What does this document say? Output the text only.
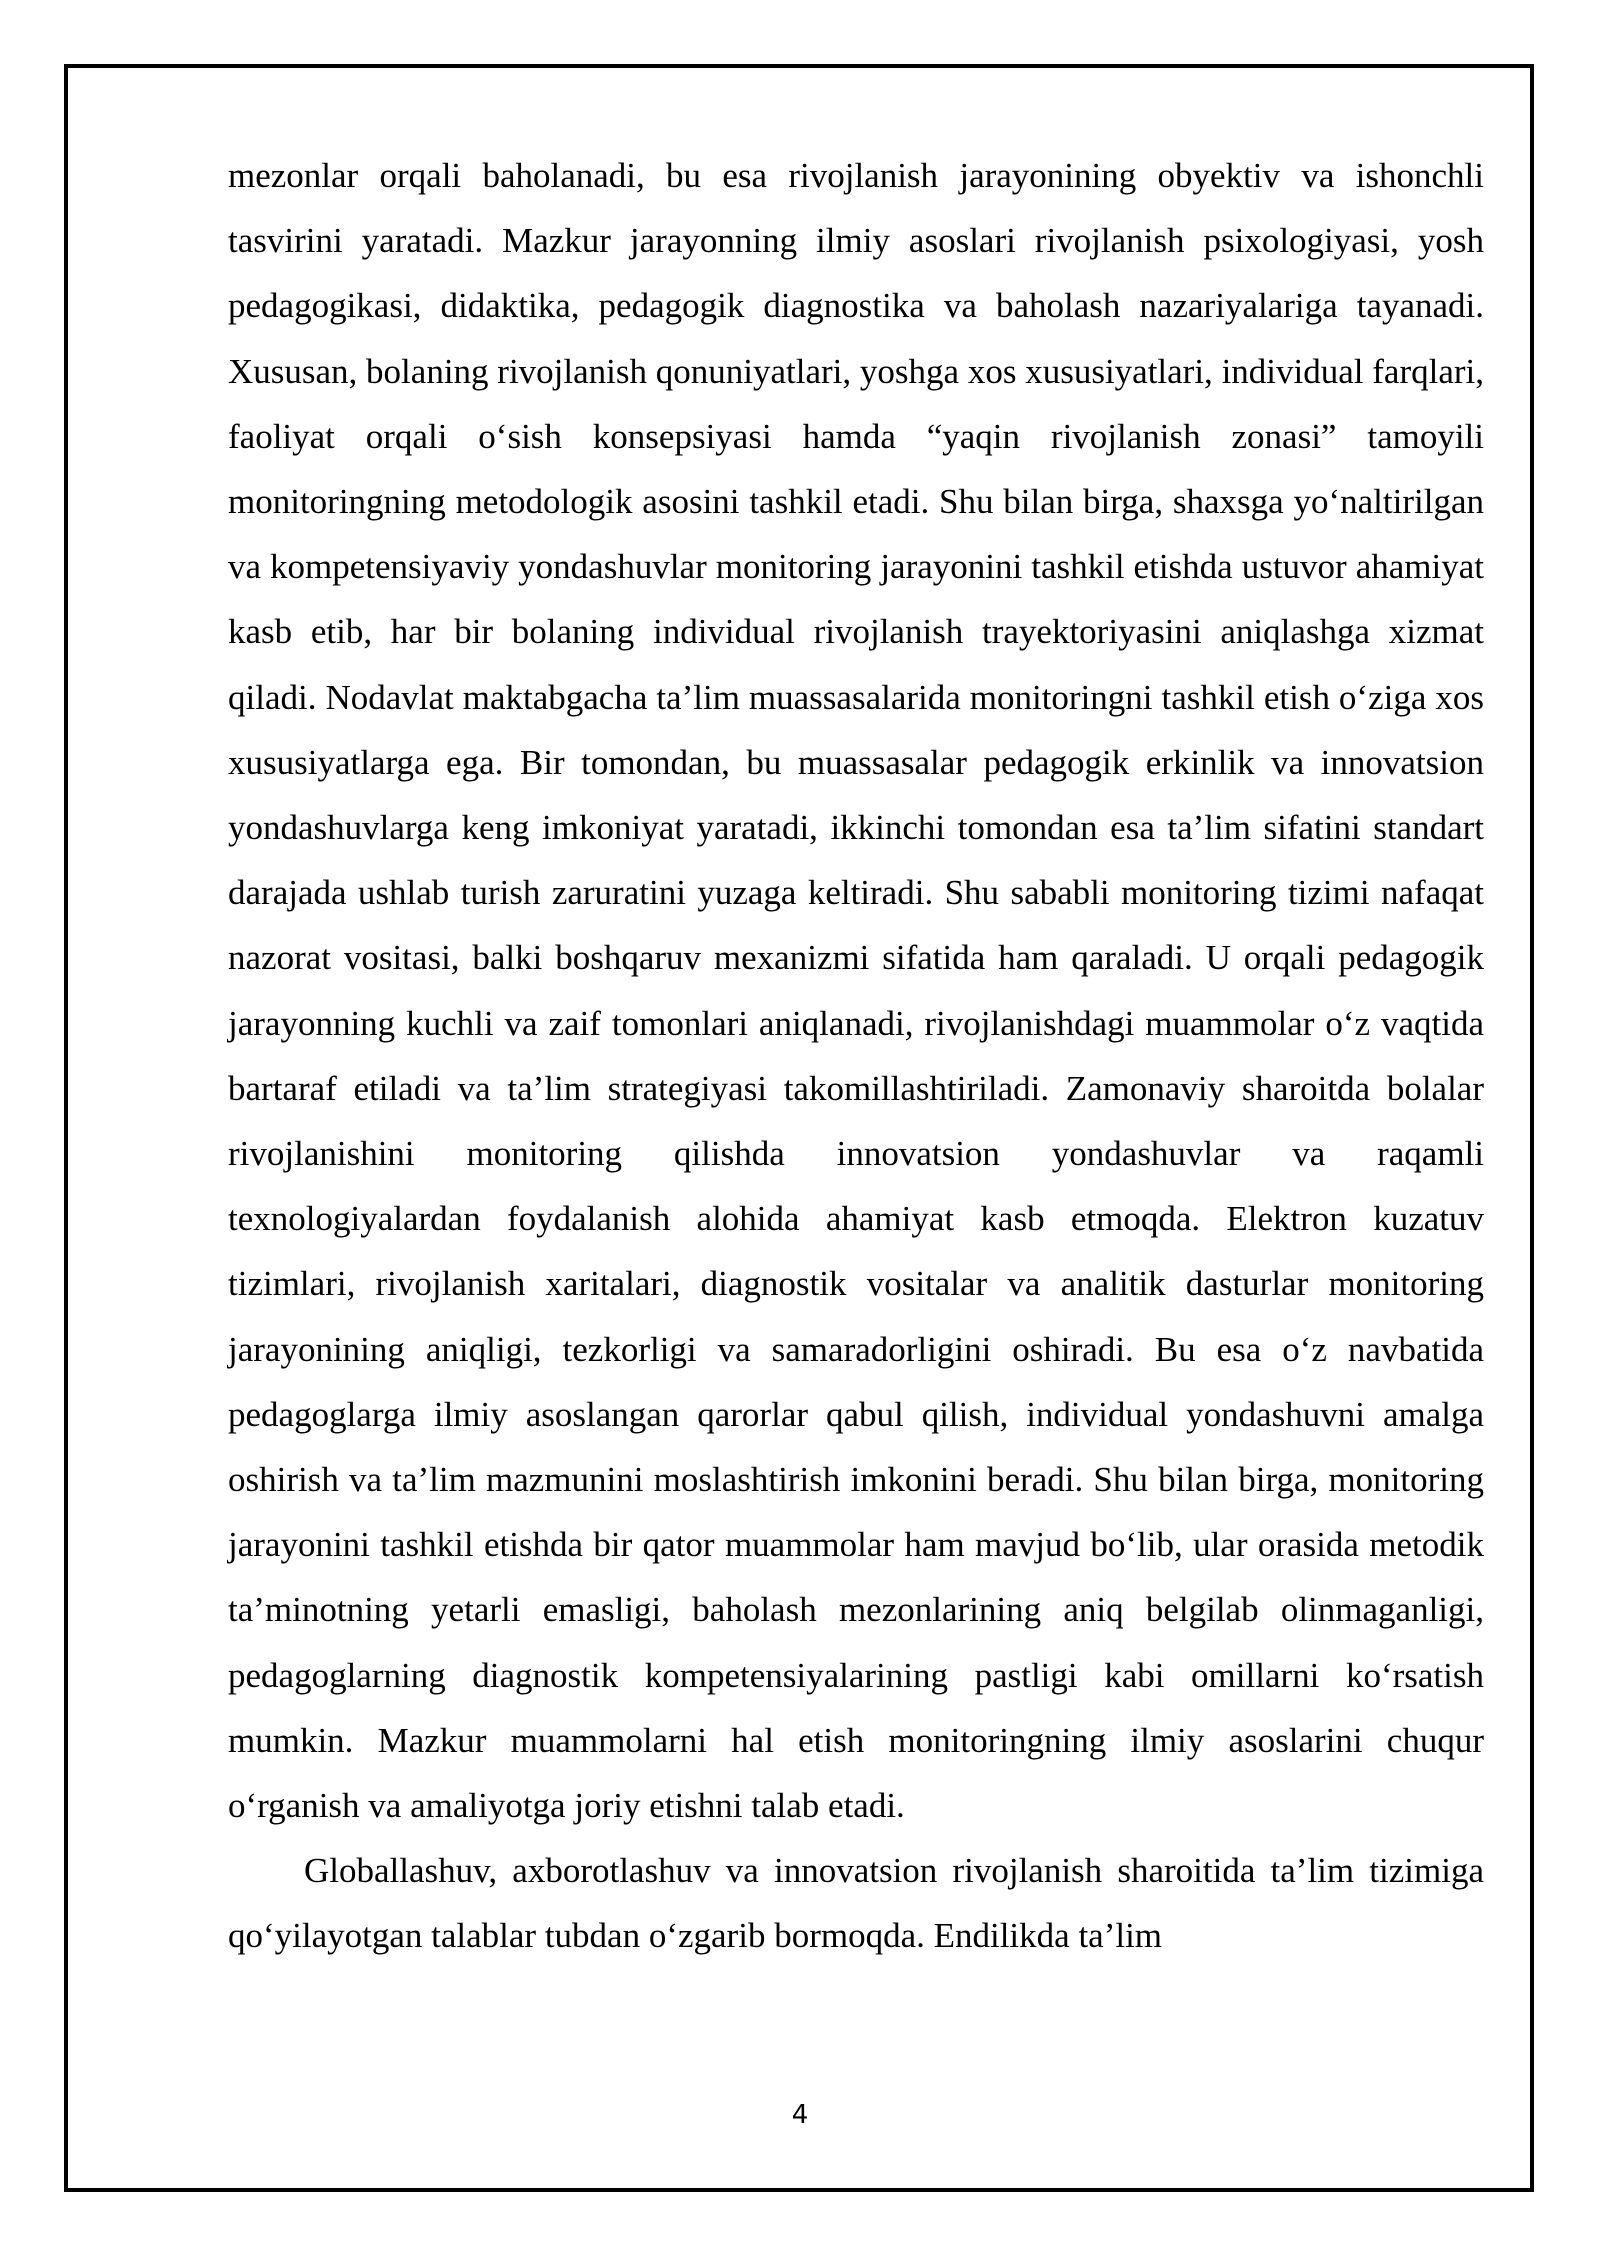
mezonlar orqali baholanadi, bu esa rivojlanish jarayonining obyektiv va ishonchli tasvirini yaratadi. Mazkur jarayonning ilmiy asoslari rivojlanish psixologiyasi, yosh pedagogikasi, didaktika, pedagogik diagnostika va baholash nazariyalariga tayanadi. Xususan, bolaning rivojlanish qonuniyatlari, yoshga xos xususiyatlari, individual farqlari, faoliyat orqali o‘sish konsepsiyasi hamda “yaqin rivojlanish zonasi” tamoyili monitoringning metodologik asosini tashkil etadi. Shu bilan birga, shaxsga yo‘naltirilgan va kompetensiyaviy yondashuvlar monitoring jarayonini tashkil etishda ustuvor ahamiyat kasb etib, har bir bolaning individual rivojlanish trayektoriyasini aniqlashga xizmat qiladi. Nodavlat maktabgacha ta’lim muassasalarida monitoringni tashkil etish o‘ziga xos xususiyatlarga ega. Bir tomondan, bu muassasalar pedagogik erkinlik va innovatsion yondashuvlarga keng imkoniyat yaratadi, ikkinchi tomondan esa ta’lim sifatini standart darajada ushlab turish zaruratini yuzaga keltiradi. Shu sababli monitoring tizimi nafaqat nazorat vositasi, balki boshqaruv mexanizmi sifatida ham qaraladi. U orqali pedagogik jarayonning kuchli va zaif tomonlari aniqlanadi, rivojlanishdagi muammolar o‘z vaqtida bartaraf etiladi va ta’lim strategiyasi takomillashtiriladi. Zamonaviy sharoitda bolalar rivojlanishini monitoring qilishda innovatsion yondashuvlar va raqamli texnologiyalardan foydalanish alohida ahamiyat kasb etmoqda. Elektron kuzatuv tizimlari, rivojlanish xaritalari, diagnostik vositalar va analitik dasturlar monitoring jarayonining aniqligi, tezkorligi va samaradorligini oshiradi. Bu esa o‘z navbatida pedagoglarga ilmiy asoslangan qarorlar qabul qilish, individual yondashuvni amalga oshirish va ta’lim mazmunini moslashtirish imkonini beradi. Shu bilan birga, monitoring jarayonini tashkil etishda bir qator muammolar ham mavjud bo‘lib, ular orasida metodik ta’minotning yetarli emasligi, baholash mezonlarining aniq belgilab olinmaganligi, pedagoglarning diagnostik kompetensiyalarining pastligi kabi omillarni ko‘rsatish mumkin. Mazkur muammolarni hal etish monitoringning ilmiy asoslarini chuqur o‘rganish va amaliyotga joriy etishni talab etadi.

Globallashuv, axborotlashuv va innovatsion rivojlanish sharoitida ta’lim tizimiga qo‘yilayotgan talablar tubdan o‘zgarib bormoqda. Endilikda ta’lim

4
